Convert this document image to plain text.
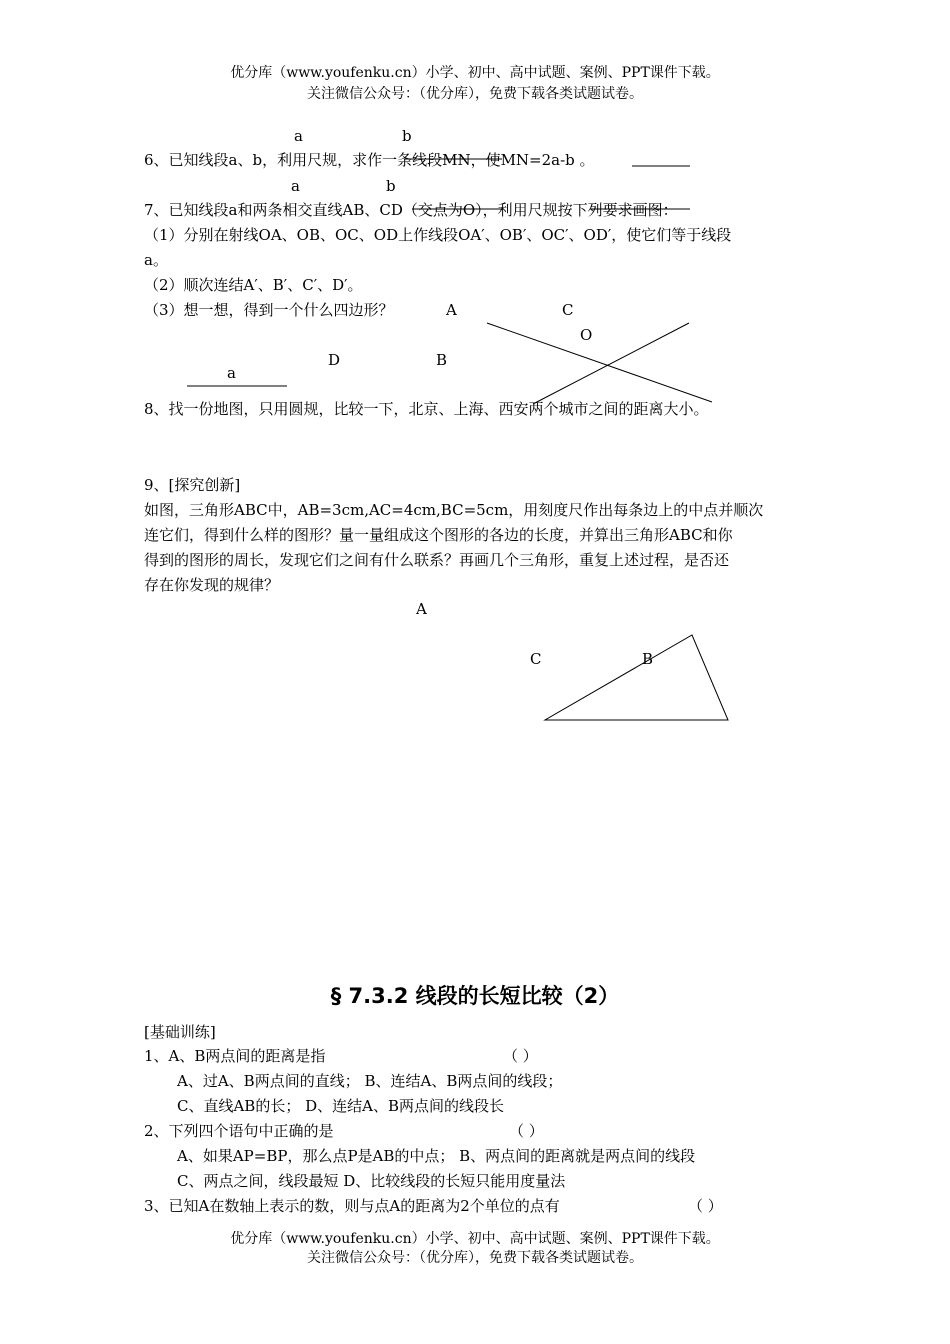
优分库（www.youfenku.cn）小学、初中、高中试题、案例、PPT课件下载。
关注微信公众号：（优分库），免费下载各类试题试卷。
a	b
6、已知线段a、b，利用尺规，求作一条线段MN，使MN=2a-b 。
a	b
7、已知线段a和两条相交直线AB、CD（交点为O），利用尺规按下列要求画图：
（1）分别在射线OA、OB、OC、OD上作线段OA′、OB′、OC′、OD′，使它们等于线段
a。
（2）顺次连结A′、B′、C′、D′。
（3）想一想，得到一个什么四边形？	A	C
O
D	B
a
8、找一份地图，只用圆规，比较一下，北京、上海、西安两个城市之间的距离大小。
9、[探究创新]
如图，三角形ABC中，AB=3cm,AC=4cm,BC=5cm，用刻度尺作出每条边上的中点并顺次
连它们，得到什么样的图形？量一量组成这个图形的各边的长度，并算出三角形ABC和你
得到的图形的周长，发现它们之间有什么联系？再画几个三角形，重复上述过程，是否还
存在你发现的规律？
A
C	B
§ 7.3.2 线段的长短比较（2）
[基础训练]
1、A、B两点间的距离是指	（ ）
A、过A、B两点间的直线； B、连结A、B两点间的线段；
C、直线AB的长； D、连结A、B两点间的线段长
2、下列四个语句中正确的是	（ ）
A、如果AP=BP，那么点P是AB的中点； B、两点间的距离就是两点间的线段
C、两点之间，线段最短 D、比较线段的长短只能用度量法
3、已知A在数轴上表示的数，则与点A的距离为2个单位的点有	（ ）
优分库（www.youfenku.cn）小学、初中、高中试题、案例、PPT课件下载。
关注微信公众号：（优分库），免费下载各类试题试卷。
